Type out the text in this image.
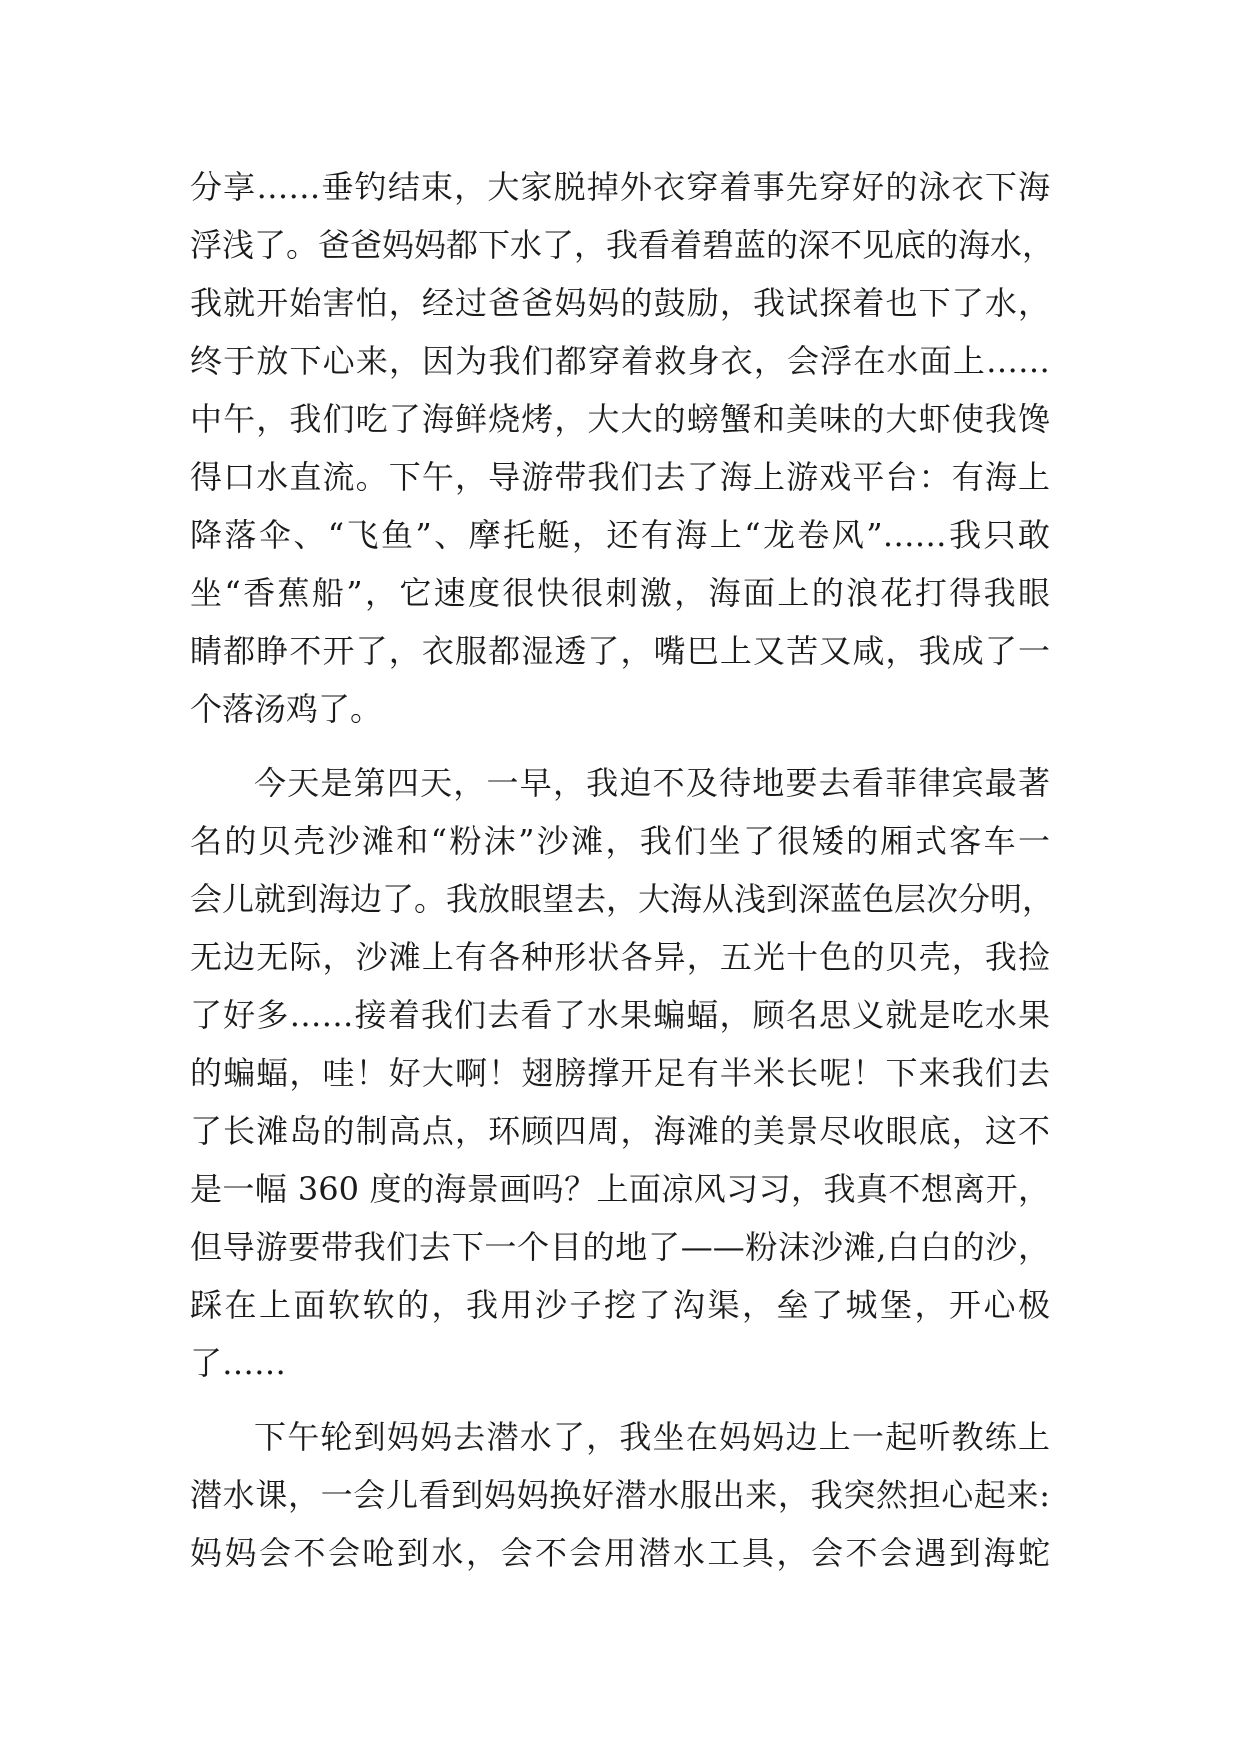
分享……垂钓结束，大家脱掉外衣穿着事先穿好的泳衣下海
浮浅了。爸爸妈妈都下水了，我看着碧蓝的深不见底的海水，
我就开始害怕，经过爸爸妈妈的鼓励，我试探着也下了水，
终于放下心来，因为我们都穿着救身衣，会浮在水面上……
中午，我们吃了海鲜烧烤，大大的螃蟹和美味的大虾使我馋
得口水直流。下午，导游带我们去了海上游戏平台：有海上
降落伞、“飞鱼”、摩托艇，还有海上“龙卷风”……我只敢
坐“香蕉船”，它速度很快很刺激，海面上的浪花打得我眼
睛都睁不开了，衣服都湿透了，嘴巴上又苦又咸，我成了一
个落汤鸡了。
今天是第四天，一早，我迫不及待地要去看菲律宾最著
名的贝壳沙滩和“粉沫”沙滩，我们坐了很矮的厢式客车一
会儿就到海边了。我放眼望去，大海从浅到深蓝色层次分明，
无边无际，沙滩上有各种形状各异，五光十色的贝壳，我捡
了好多……接着我们去看了水果蝙蝠，顾名思义就是吃水果
的蝙蝠，哇！好大啊！翅膀撑开足有半米长呢！下来我们去
了长滩岛的制高点，环顾四周，海滩的美景尽收眼底，这不
是一幅 360 度的海景画吗？上面凉风习习，我真不想离开，
但导游要带我们去下一个目的地了——粉沫沙滩,白白的沙，
踩在上面软软的，我用沙子挖了沟渠，垒了城堡，开心极
了……
下午轮到妈妈去潜水了，我坐在妈妈边上一起听教练上
潜水课，一会儿看到妈妈换好潜水服出来，我突然担心起来:
妈妈会不会呛到水，会不会用潜水工具，会不会遇到海蛇
